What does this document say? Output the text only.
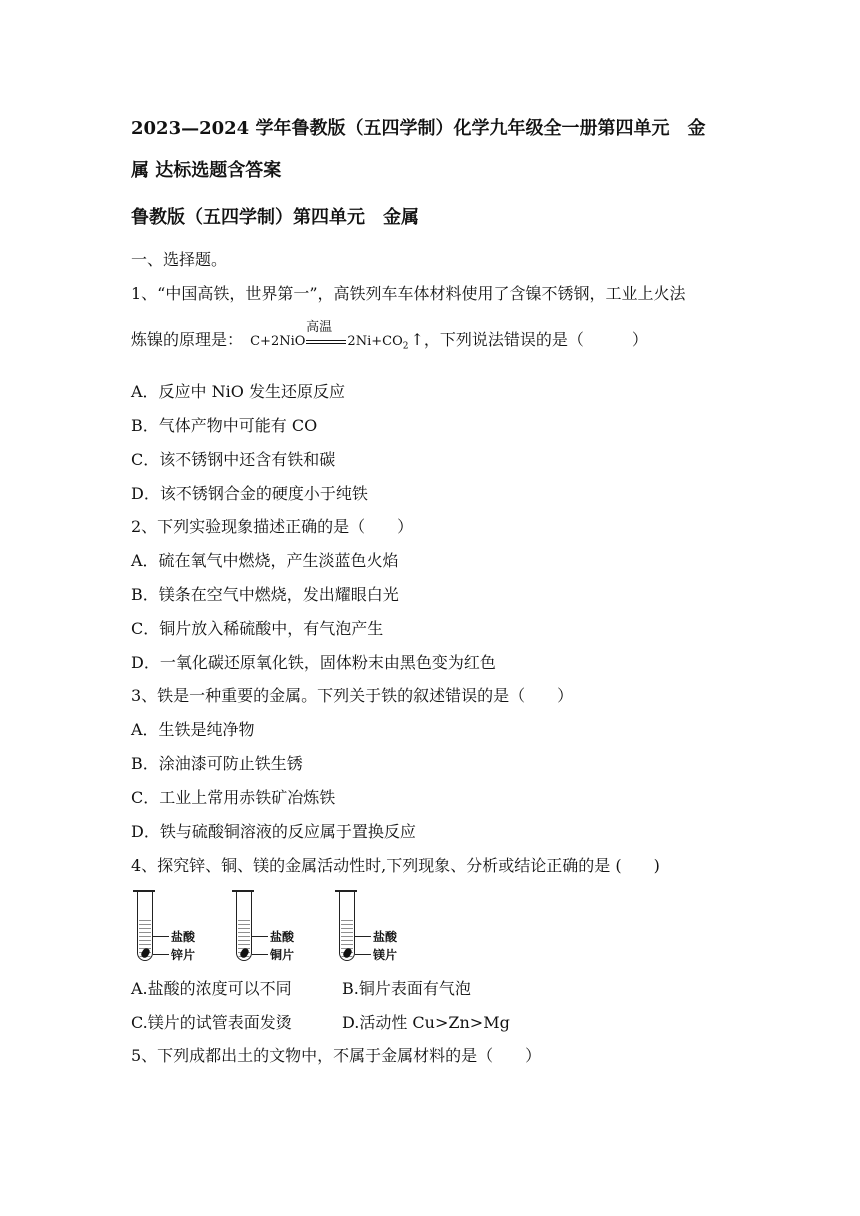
2023—2024 学年鲁教版（五四学制）化学九年级全一册第四单元　金
属 达标选题含答案
鲁教版（五四学制）第四单元　金属
一、选择题。
1、“中国高铁，世界第一”，高铁列车车体材料使用了含镍不锈钢，工业上火法
炼镍的原理是： C+2NiO	$2Ni+CO_2$
高温
↑，下列说法错误的是（　　　）
A．反应中 NiO 发生还原反应
B．气体产物中可能有 CO
C．该不锈钢中还含有铁和碳
D．该不锈钢合金的硬度小于纯铁
2、下列实验现象描述正确的是（　　）
A．硫在氧气中燃烧，产生淡蓝色火焰
B．镁条在空气中燃烧，发出耀眼白光
C．铜片放入稀硫酸中，有气泡产生
D．一氧化碳还原氧化铁，固体粉末由黑色变为红色
3、铁是一种重要的金属。下列关于铁的叙述错误的是（　　）
A．生铁是纯净物
B．涂油漆可防止铁生锈
C．工业上常用赤铁矿冶炼铁
D．铁与硫酸铜溶液的反应属于置换反应
4、探究锌、铜、镁的金属活动性时,下列现象、分析或结论正确的是 (　　)
盐酸
锌片
盐酸
铜片
盐酸
镁片
A.盐酸的浓度可以不同	B.铜片表面有气泡
C.镁片的试管表面发烫	D.活动性 Cu>Zn>Mg
5、下列成都出土的文物中，不属于金属材料的是（　　）
